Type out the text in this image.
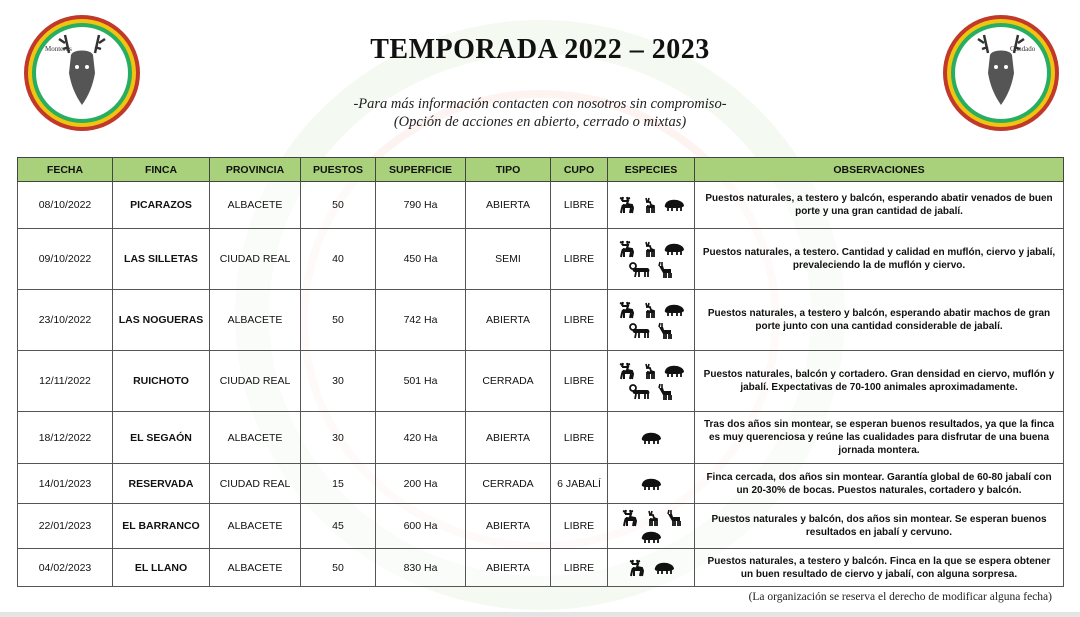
Monteros	Condado
TEMPORADA 2022 – 2023
-Para más información contacten con nosotros sin compromiso-
(Opción de acciones en abierto, cerrado o mixtas)
FECHA	FINCA	PROVINCIA	PUESTOS	SUPERFICIE	TIPO	CUPO	ESPECIES	OBSERVACIONES
08/10/2022	PICARAZOS	ALBACETE	50	790 Ha	ABIERTA	LIBRE		Puestos naturales, a testero y balcón, esperando abatir venados de buen porte y una gran cantidad de jabalí.
09/10/2022	LAS SILLETAS	CIUDAD REAL	40	450 Ha	SEMI	LIBRE		Puestos naturales, a testero. Cantidad y calidad en muflón, ciervo y jabalí, prevaleciendo la de muflón y ciervo.
23/10/2022	LAS NOGUERAS	ALBACETE	50	742 Ha	ABIERTA	LIBRE		Puestos naturales, a testero y balcón, esperando abatir machos de gran porte junto con una cantidad considerable de jabalí.
12/11/2022	RUICHOTO	CIUDAD REAL	30	501 Ha	CERRADA	LIBRE		Puestos naturales, balcón y cortadero. Gran densidad en ciervo, muflón y jabalí. Expectativas de 70-100 animales aproximadamente.
18/12/2022	EL SEGAÓN	ALBACETE	30	420 Ha	ABIERTA	LIBRE		Tras dos años sin montear, se esperan buenos resultados, ya que la finca es muy querenciosa y reúne las cualidades para disfrutar de una buena jornada montera.
14/01/2023	RESERVADA	CIUDAD REAL	15	200 Ha	CERRADA	6 JABALÍ		Finca cercada, dos años sin montear. Garantía global de 60-80 jabalí con un 20-30% de bocas. Puestos naturales, cortadero y balcón.
22/01/2023	EL BARRANCO	ALBACETE	45	600 Ha	ABIERTA	LIBRE		Puestos naturales y balcón, dos años sin montear. Se esperan buenos resultados en jabalí y cervuno.
04/02/2023	EL LLANO	ALBACETE	50	830 Ha	ABIERTA	LIBRE		Puestos naturales, a testero y balcón. Finca en la que se espera obtener un buen resultado de ciervo y jabalí, con alguna sorpresa.
(La organización se reserva el derecho de modificar alguna fecha)
